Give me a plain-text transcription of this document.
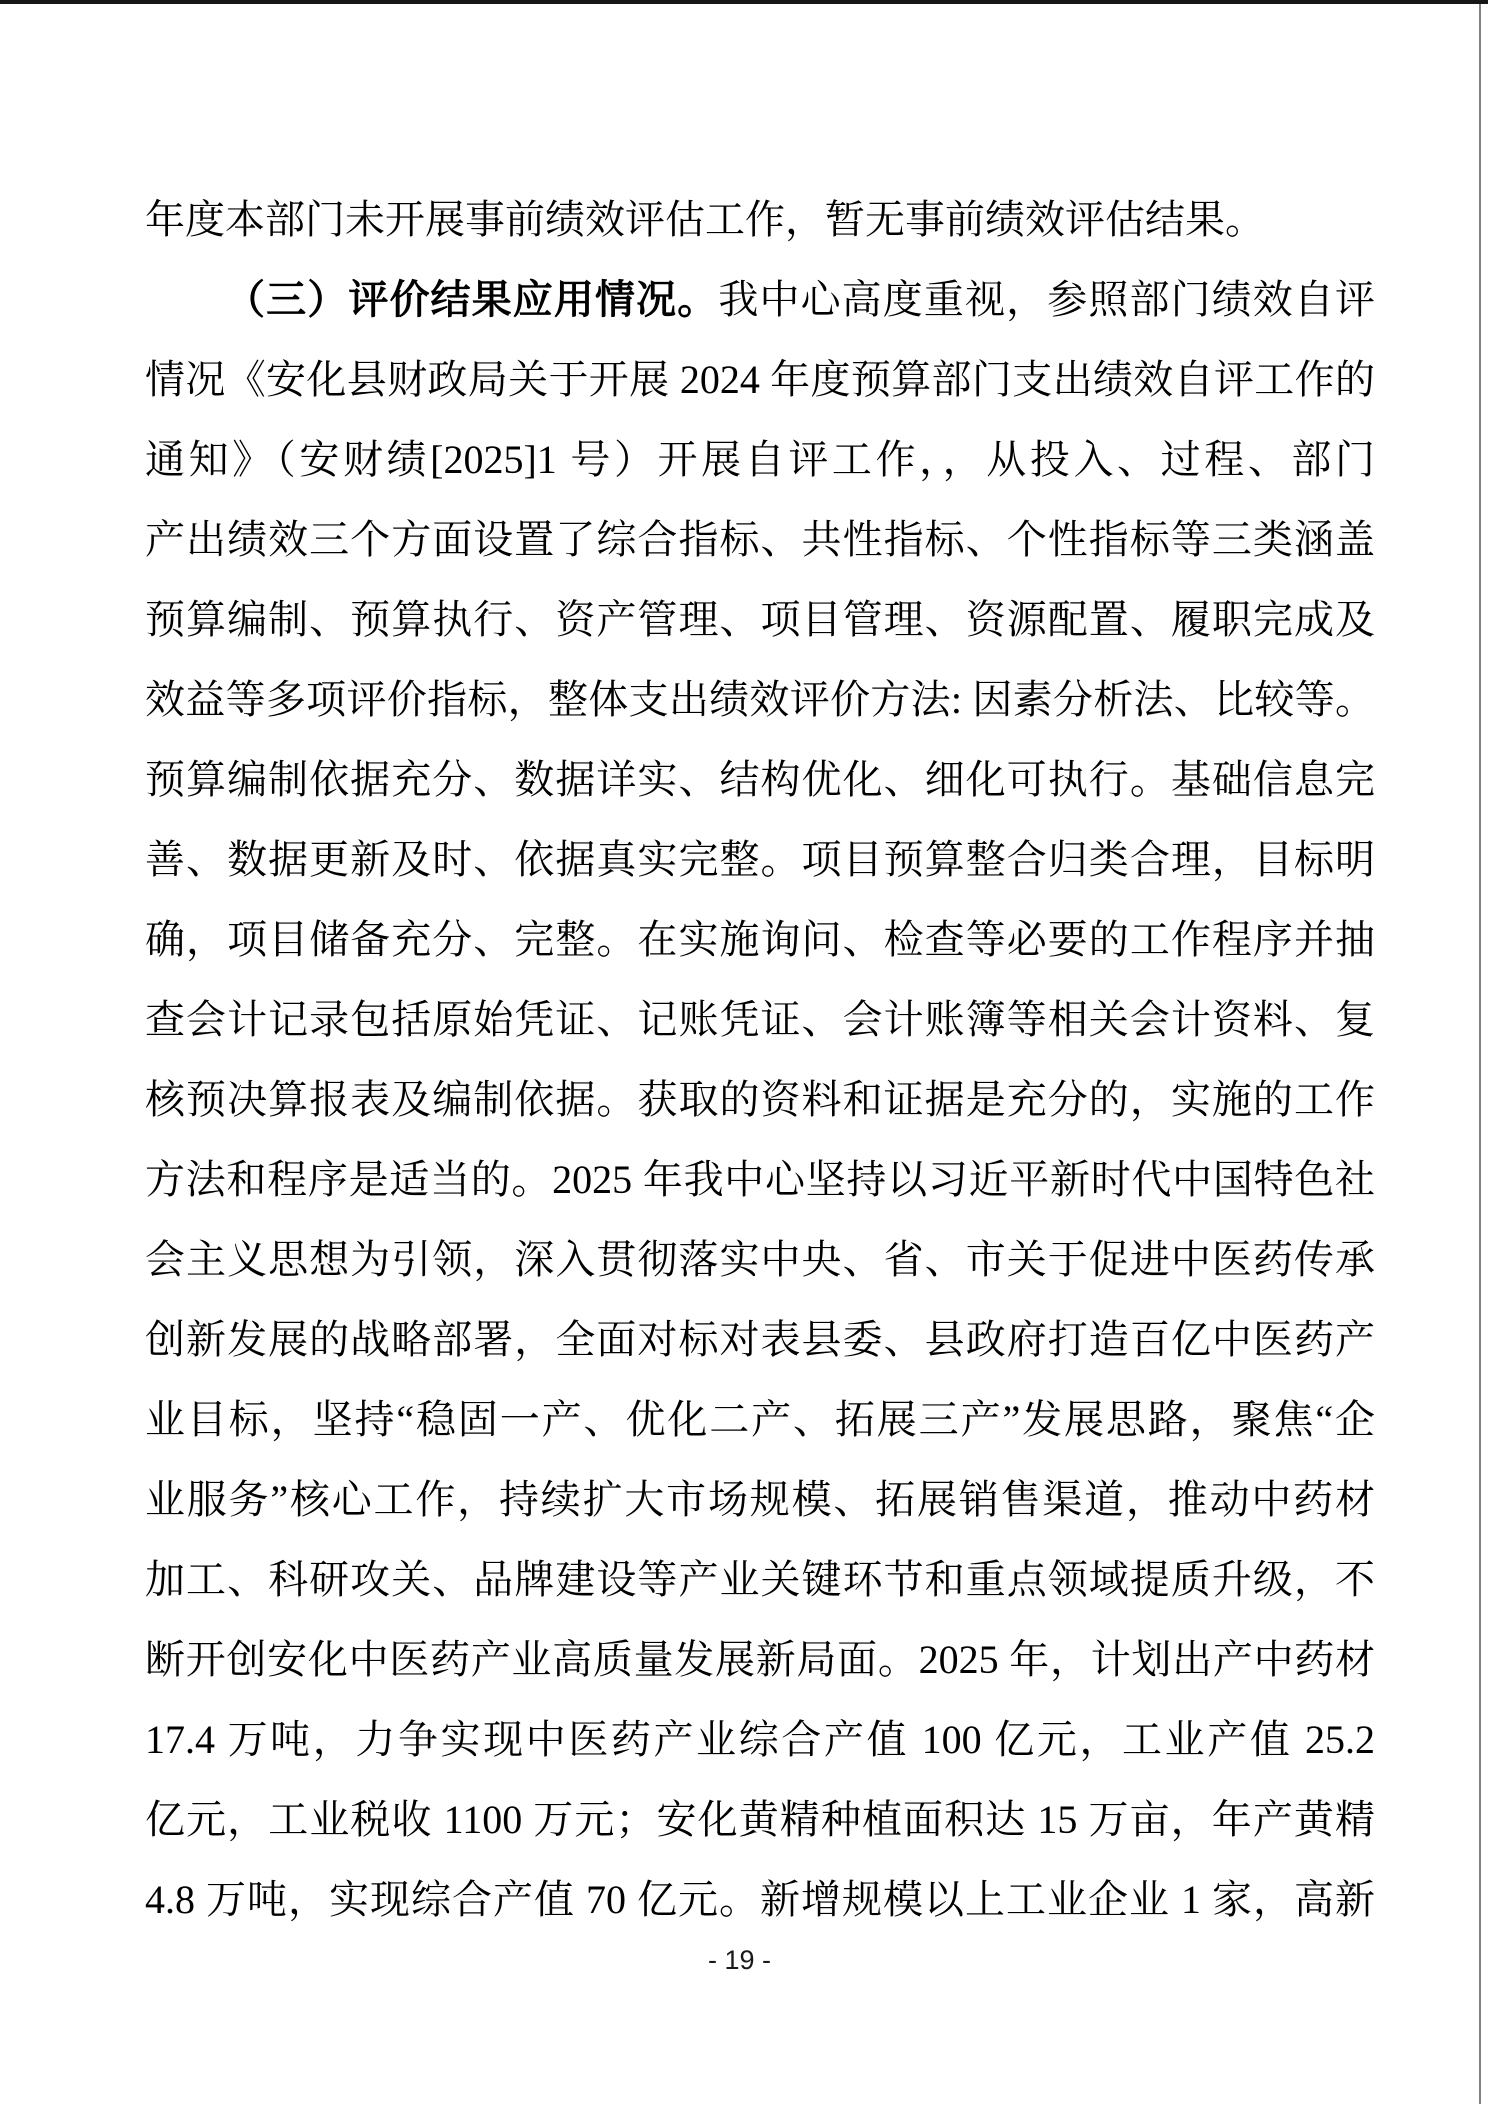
年度本部门未开展事前绩效评估工作，暂无事前绩效评估结果。
（三）评价结果应用情况。我中心高度重视，参照部门绩效自评
情况《安化县财政局关于开展 2024 年度预算部门支出绩效自评工作的
通知》（安财绩[2025]1 号）开展自评工作，，从投入、过程、部门
产出绩效三个方面设置了综合指标、共性指标、个性指标等三类涵盖
预算编制、预算执行、资产管理、项目管理、资源配置、履职完成及
效益等多项评价指标，整体支出绩效评价方法: 因素分析法、比较等。
预算编制依据充分、数据详实、结构优化、细化可执行。基础信息完
善、数据更新及时、依据真实完整。项目预算整合归类合理，目标明
确，项目储备充分、完整。在实施询问、检查等必要的工作程序并抽
查会计记录包括原始凭证、记账凭证、会计账簿等相关会计资料、复
核预决算报表及编制依据。获取的资料和证据是充分的，实施的工作
方法和程序是适当的。2025 年我中心坚持以习近平新时代中国特色社
会主义思想为引领，深入贯彻落实中央、省、市关于促进中医药传承
创新发展的战略部署，全面对标对表县委、县政府打造百亿中医药产
业目标，坚持“稳固一产、优化二产、拓展三产”发展思路，聚焦“企
业服务”核心工作，持续扩大市场规模、拓展销售渠道，推动中药材
加工、科研攻关、品牌建设等产业关键环节和重点领域提质升级，不
断开创安化中医药产业高质量发展新局面。2025 年，计划出产中药材
17.4 万吨，力争实现中医药产业综合产值 100 亿元，工业产值 25.2
亿元，工业税收 1100 万元；安化黄精种植面积达 15 万亩，年产黄精
4.8 万吨，实现综合产值 70 亿元。新增规模以上工业企业 1 家，高新
- 19 -
